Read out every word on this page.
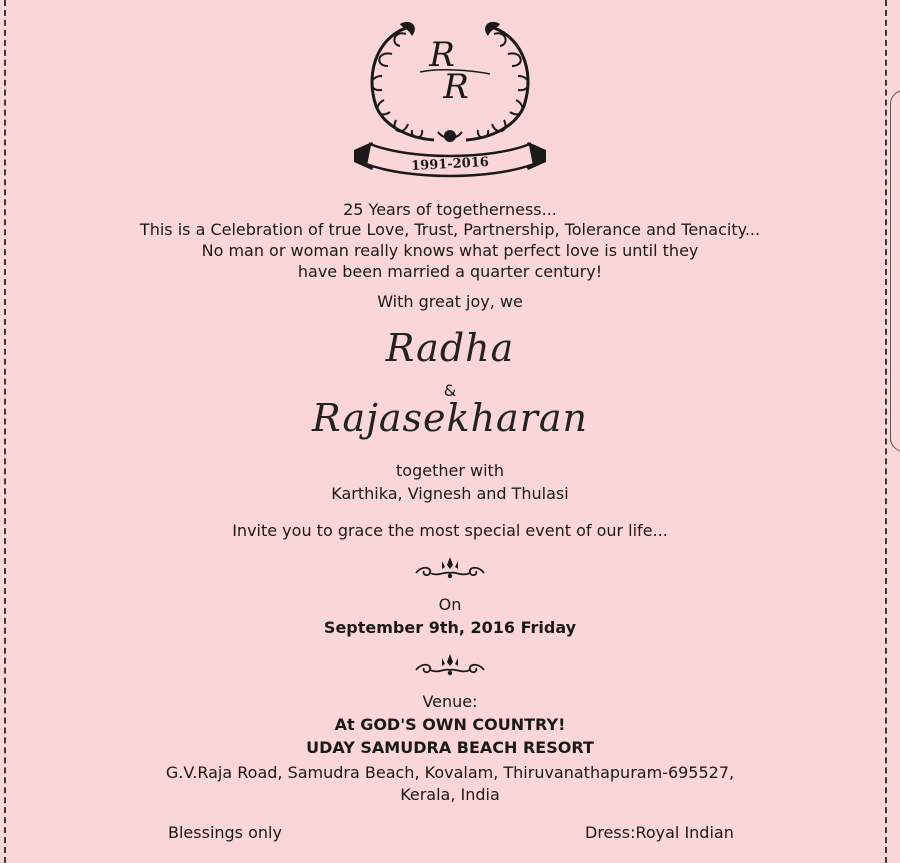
R
R
1991-2016
25 Years of togetherness...
This is a Celebration of true Love, Trust, Partnership, Tolerance and Tenacity...
No man or woman really knows what perfect love is until they
have been married a quarter century!
With great joy, we
Radha
&
Rajasekharan
together with
Karthika, Vignesh and Thulasi
Invite you to grace the most special event of our life...
On
September 9th, 2016 Friday
Venue:
At GOD'S OWN COUNTRY!
UDAY SAMUDRA BEACH RESORT
G.V.Raja Road, Samudra Beach, Kovalam, Thiruvanathapuram-695527,
Kerala, India
Blessings only	Dress:Royal Indian
